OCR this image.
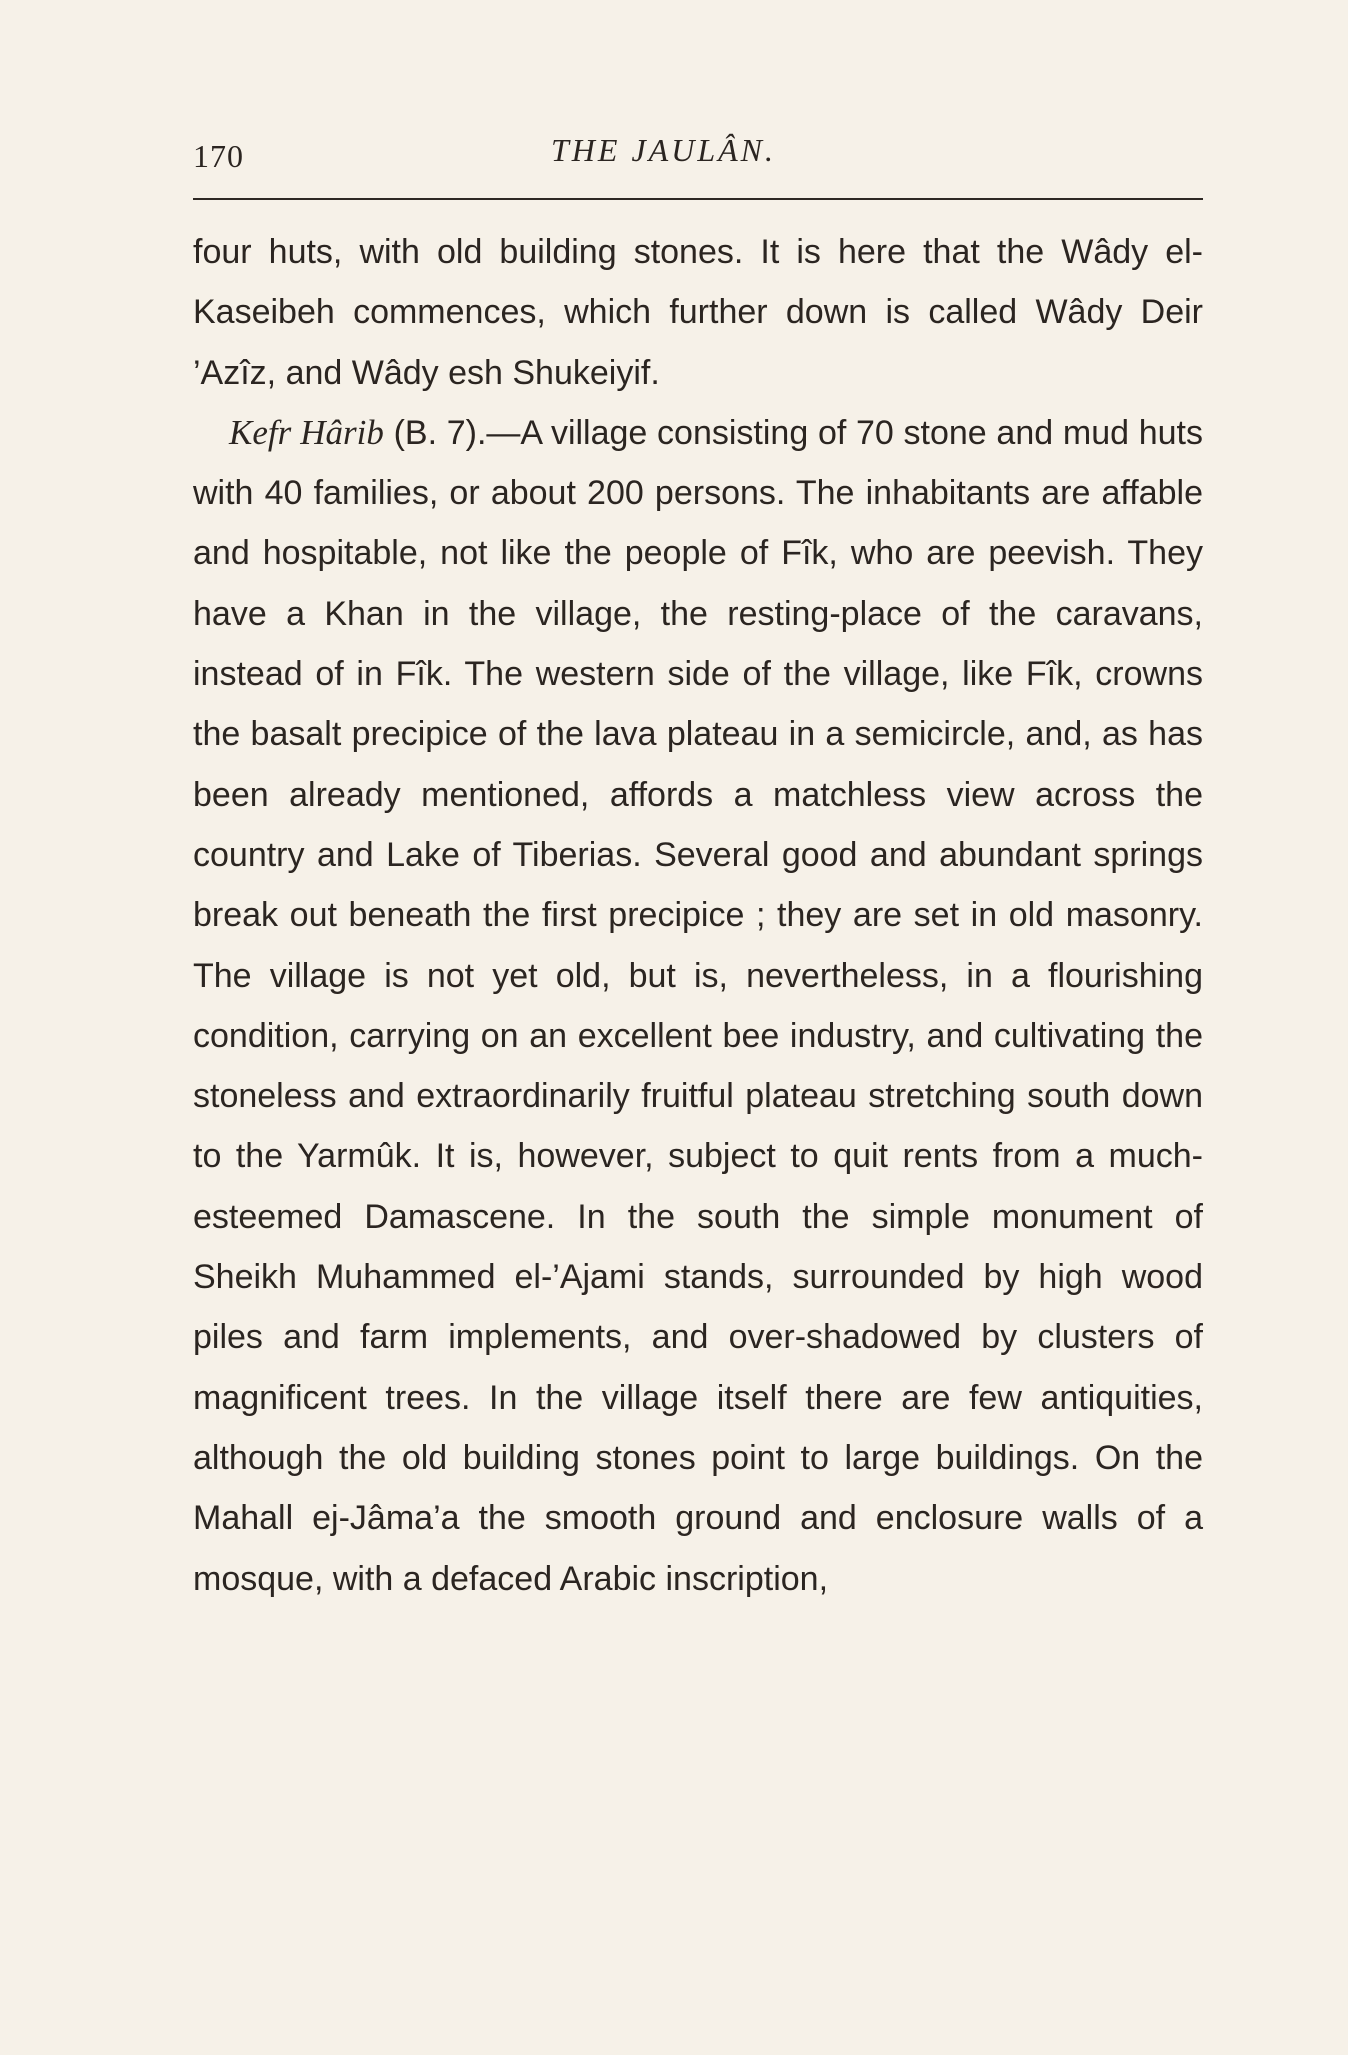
170	THE JAULÂN.

four huts, with old building stones. It is here that the Wâdy el-Kaseibeh commences, which further down is called Wâdy Deir ’Azîz, and Wâdy esh Shukeiyif.

Kefr Hârib (B. 7).—A village consisting of 70 stone and mud huts with 40 families, or about 200 persons. The inhabitants are affable and hospitable, not like the people of Fîk, who are peevish. They have a Khan in the village, the resting-place of the caravans, instead of in Fîk. The western side of the village, like Fîk, crowns the basalt precipice of the lava plateau in a semicircle, and, as has been already mentioned, affords a matchless view across the country and Lake of Tiberias. Several good and abundant springs break out beneath the first precipice ; they are set in old masonry. The village is not yet old, but is, nevertheless, in a flourishing condition, carrying on an excellent bee industry, and cultivating the stoneless and extraordinarily fruitful plateau stretching south down to the Yarmûk. It is, however, subject to quit rents from a much-esteemed Damascene. In the south the simple monument of Sheikh Muhammed el-’Ajami stands, surrounded by high wood piles and farm implements, and over-shadowed by clusters of magnificent trees. In the village itself there are few antiquities, although the old building stones point to large buildings. On the Mahall ej-Jâma’a the smooth ground and enclosure walls of a mosque, with a defaced Arabic inscription,
